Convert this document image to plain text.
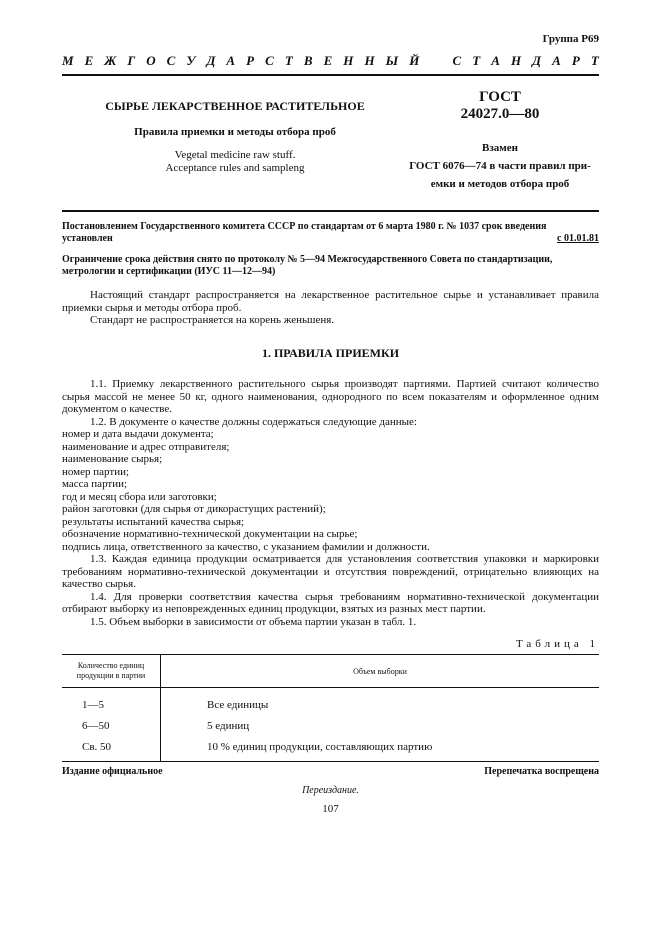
Группа Р69
М Е Ж Г О С У Д А Р С Т В Е Н Н Ы Й	С Т А Н Д А Р Т
СЫРЬЕ ЛЕКАРСТВЕННОЕ РАСТИТЕЛЬНОЕ
Правила приемки и методы отбора проб
Vegetal medicine raw stuff.
Acceptance rules and sampleng
ГОСТ
24027.0—80
Взамен
ГОСТ 6076—74 в части правил при-
емки и методов отбора проб
Постановлением Государственного комитета СССР по стандартам от 6 марта 1980 г. № 1037 срок введения
установлен	с 01.01.81
Ограничение срока действия снято по протоколу № 5—94 Межгосударственного Совета по стандартизации,
метрологии и сертификации (ИУС 11—12—94)

Настоящий стандарт распространяется на лекарственное растительное сырье и устанавливает правила приемки сырья и методы отбора проб.

Стандарт не распространяется на корень женьшеня.

1. ПРАВИЛА ПРИЕМКИ

1.1. Приемку лекарственного растительного сырья производят партиями. Партией считают количество сырья массой не менее 50 кг, одного наименования, однородного по всем показателям и оформленное одним документом о качестве.

1.2. В документе о качестве должны содержаться следующие данные:

номер и дата выдачи документа;

наименование и адрес отправителя;

наименование сырья;

номер партии;

масса партии;

год и месяц сбора или заготовки;

район заготовки (для сырья от дикорастущих растений);

результаты испытаний качества сырья;

обозначение нормативно-технической документации на сырье;

подпись лица, ответственного за качество, с указанием фамилии и должности.

1.3. Каждая единица продукции осматривается для установления соответствия упаковки и маркировки требованиям нормативно-технической документации и отсутствия повреждений, отрицательно влияющих на качество сырья.

1.4. Для проверки соответствия качества сырья требованиям нормативно-технической документации отбирают выборку из неповрежденных единиц продукции, взятых из разных мест партии.

1.5. Объем выборки в зависимости от объема партии указан в табл. 1.

Таблица 1
Количество единиц
продукции в партии	Объем выборки
1—5	Все единицы
6—50	5 единиц
Св. 50	10 % единиц продукции, составляющих партию
Издание официальное	Перепечатка воспрещена
Переиздание.
107
